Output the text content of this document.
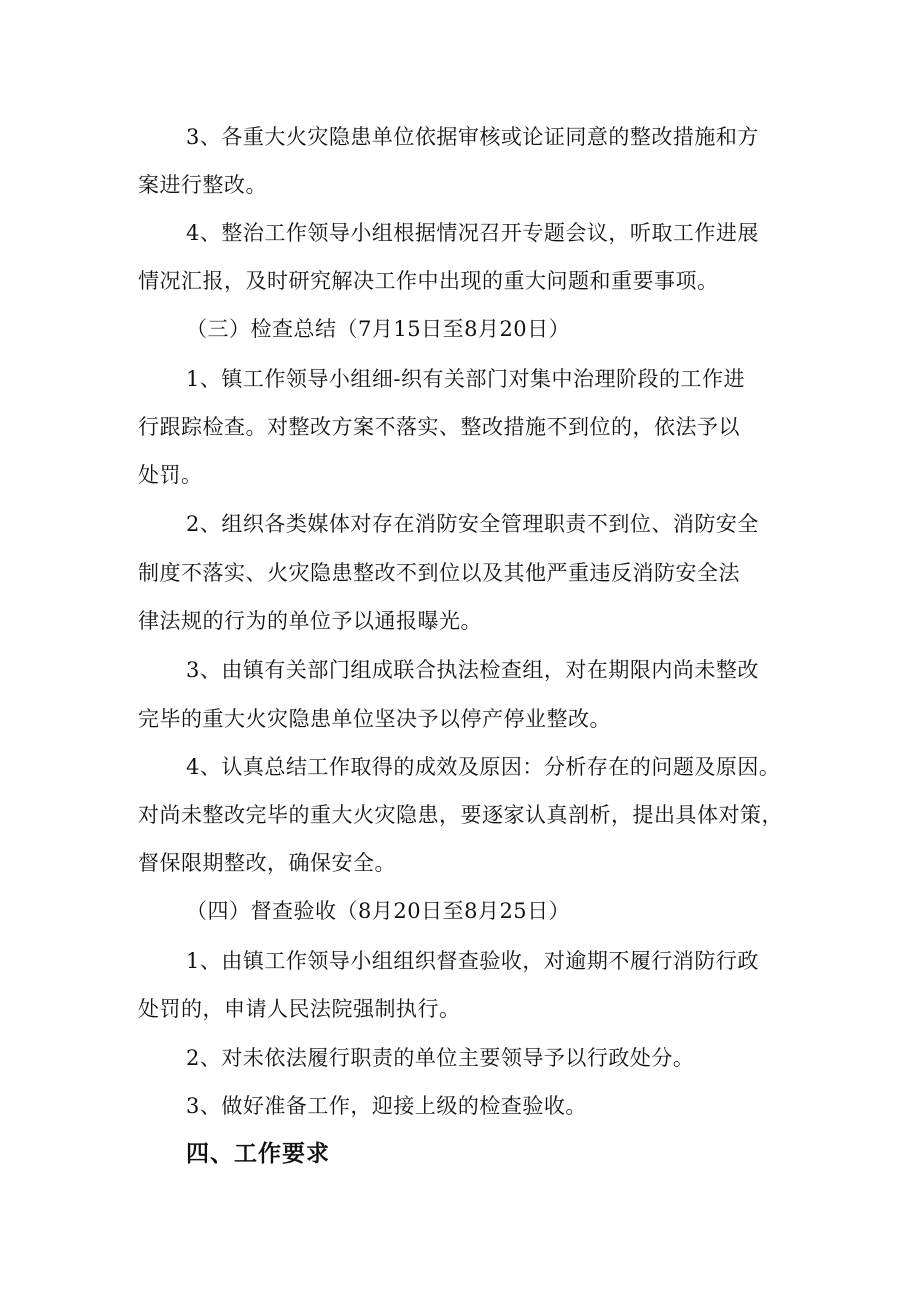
3、各重大火灾隐患单位依据审核或论证同意的整改措施和方
案进行整改。
4、整治工作领导小组根据情况召开专题会议，听取工作进展
情况汇报，及时研究解决工作中出现的重大问题和重要事项。
（三）检查总结（7月15日至8月20日）
1、镇工作领导小组细-织有关部门对集中治理阶段的工作进
行跟踪检查。对整改方案不落实、整改措施不到位的，依法予以
处罚。
2、组织各类媒体对存在消防安全管理职责不到位、消防安全
制度不落实、火灾隐患整改不到位以及其他严重违反消防安全法
律法规的行为的单位予以通报曝光。
3、由镇有关部门组成联合执法检查组，对在期限内尚未整改
完毕的重大火灾隐患单位坚决予以停产停业整改。
4、认真总结工作取得的成效及原因：分析存在的问题及原因。
对尚未整改完毕的重大火灾隐患，要逐家认真剖析，提出具体对策，
督保限期整改，确保安全。
（四）督查验收（8月20日至8月25日）
1、由镇工作领导小组组织督查验收，对逾期不履行消防行政
处罚的，申请人民法院强制执行。
2、对未依法履行职责的单位主要领导予以行政处分。
3、做好准备工作，迎接上级的检查验收。
四、工作要求
